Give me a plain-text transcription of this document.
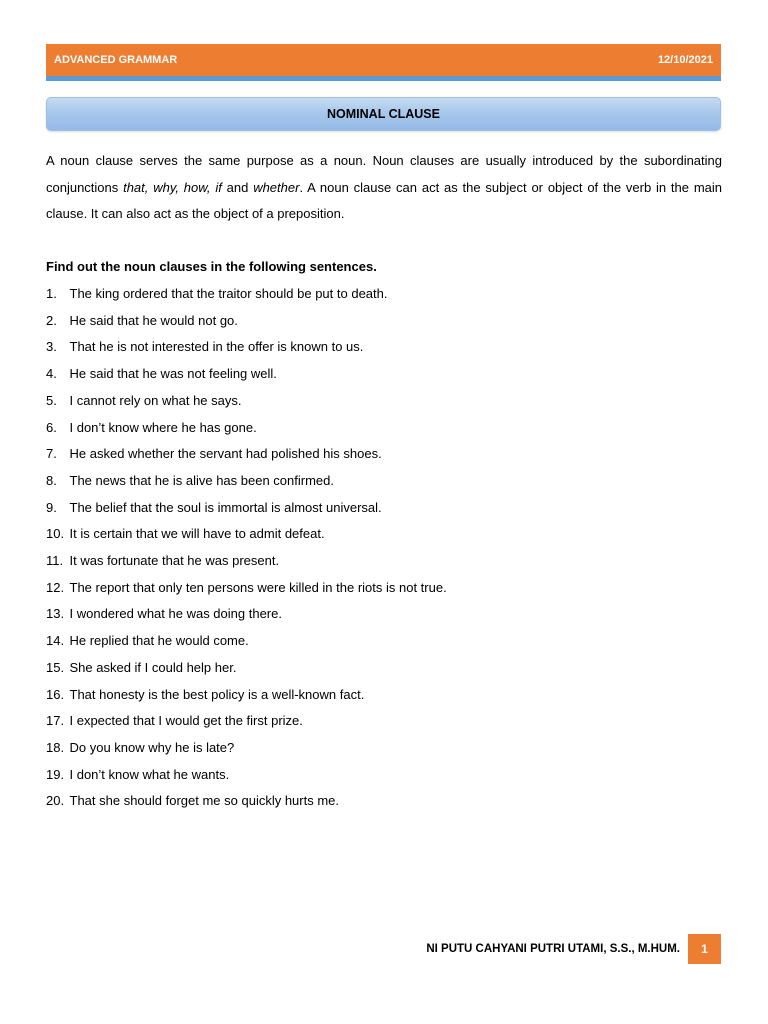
ADVANCED GRAMMAR	12/10/2021
NOMINAL CLAUSE

A noun clause serves the same purpose as a noun. Noun clauses are usually introduced by the subordinating conjunctions that, why, how, if and whether. A noun clause can act as the subject or object of the verb in the main clause. It can also act as the object of a preposition.

Find out the noun clauses in the following sentences.
1. The king ordered that the traitor should be put to death.
2. He said that he would not go.
3. That he is not interested in the offer is known to us.
4. He said that he was not feeling well.
5. I cannot rely on what he says.
6. I don’t know where he has gone.
7. He asked whether the servant had polished his shoes.
8. The news that he is alive has been confirmed.
9. The belief that the soul is immortal is almost universal.
10. It is certain that we will have to admit defeat.
11. It was fortunate that he was present.
12. The report that only ten persons were killed in the riots is not true.
13. I wondered what he was doing there.
14. He replied that he would come.
15. She asked if I could help her.
16. That honesty is the best policy is a well-known fact.
17. I expected that I would get the first prize.
18. Do you know why he is late?
19. I don’t know what he wants.
20. That she should forget me so quickly hurts me.
NI PUTU CAHYANI PUTRI UTAMI, S.S., M.HUM. 1
